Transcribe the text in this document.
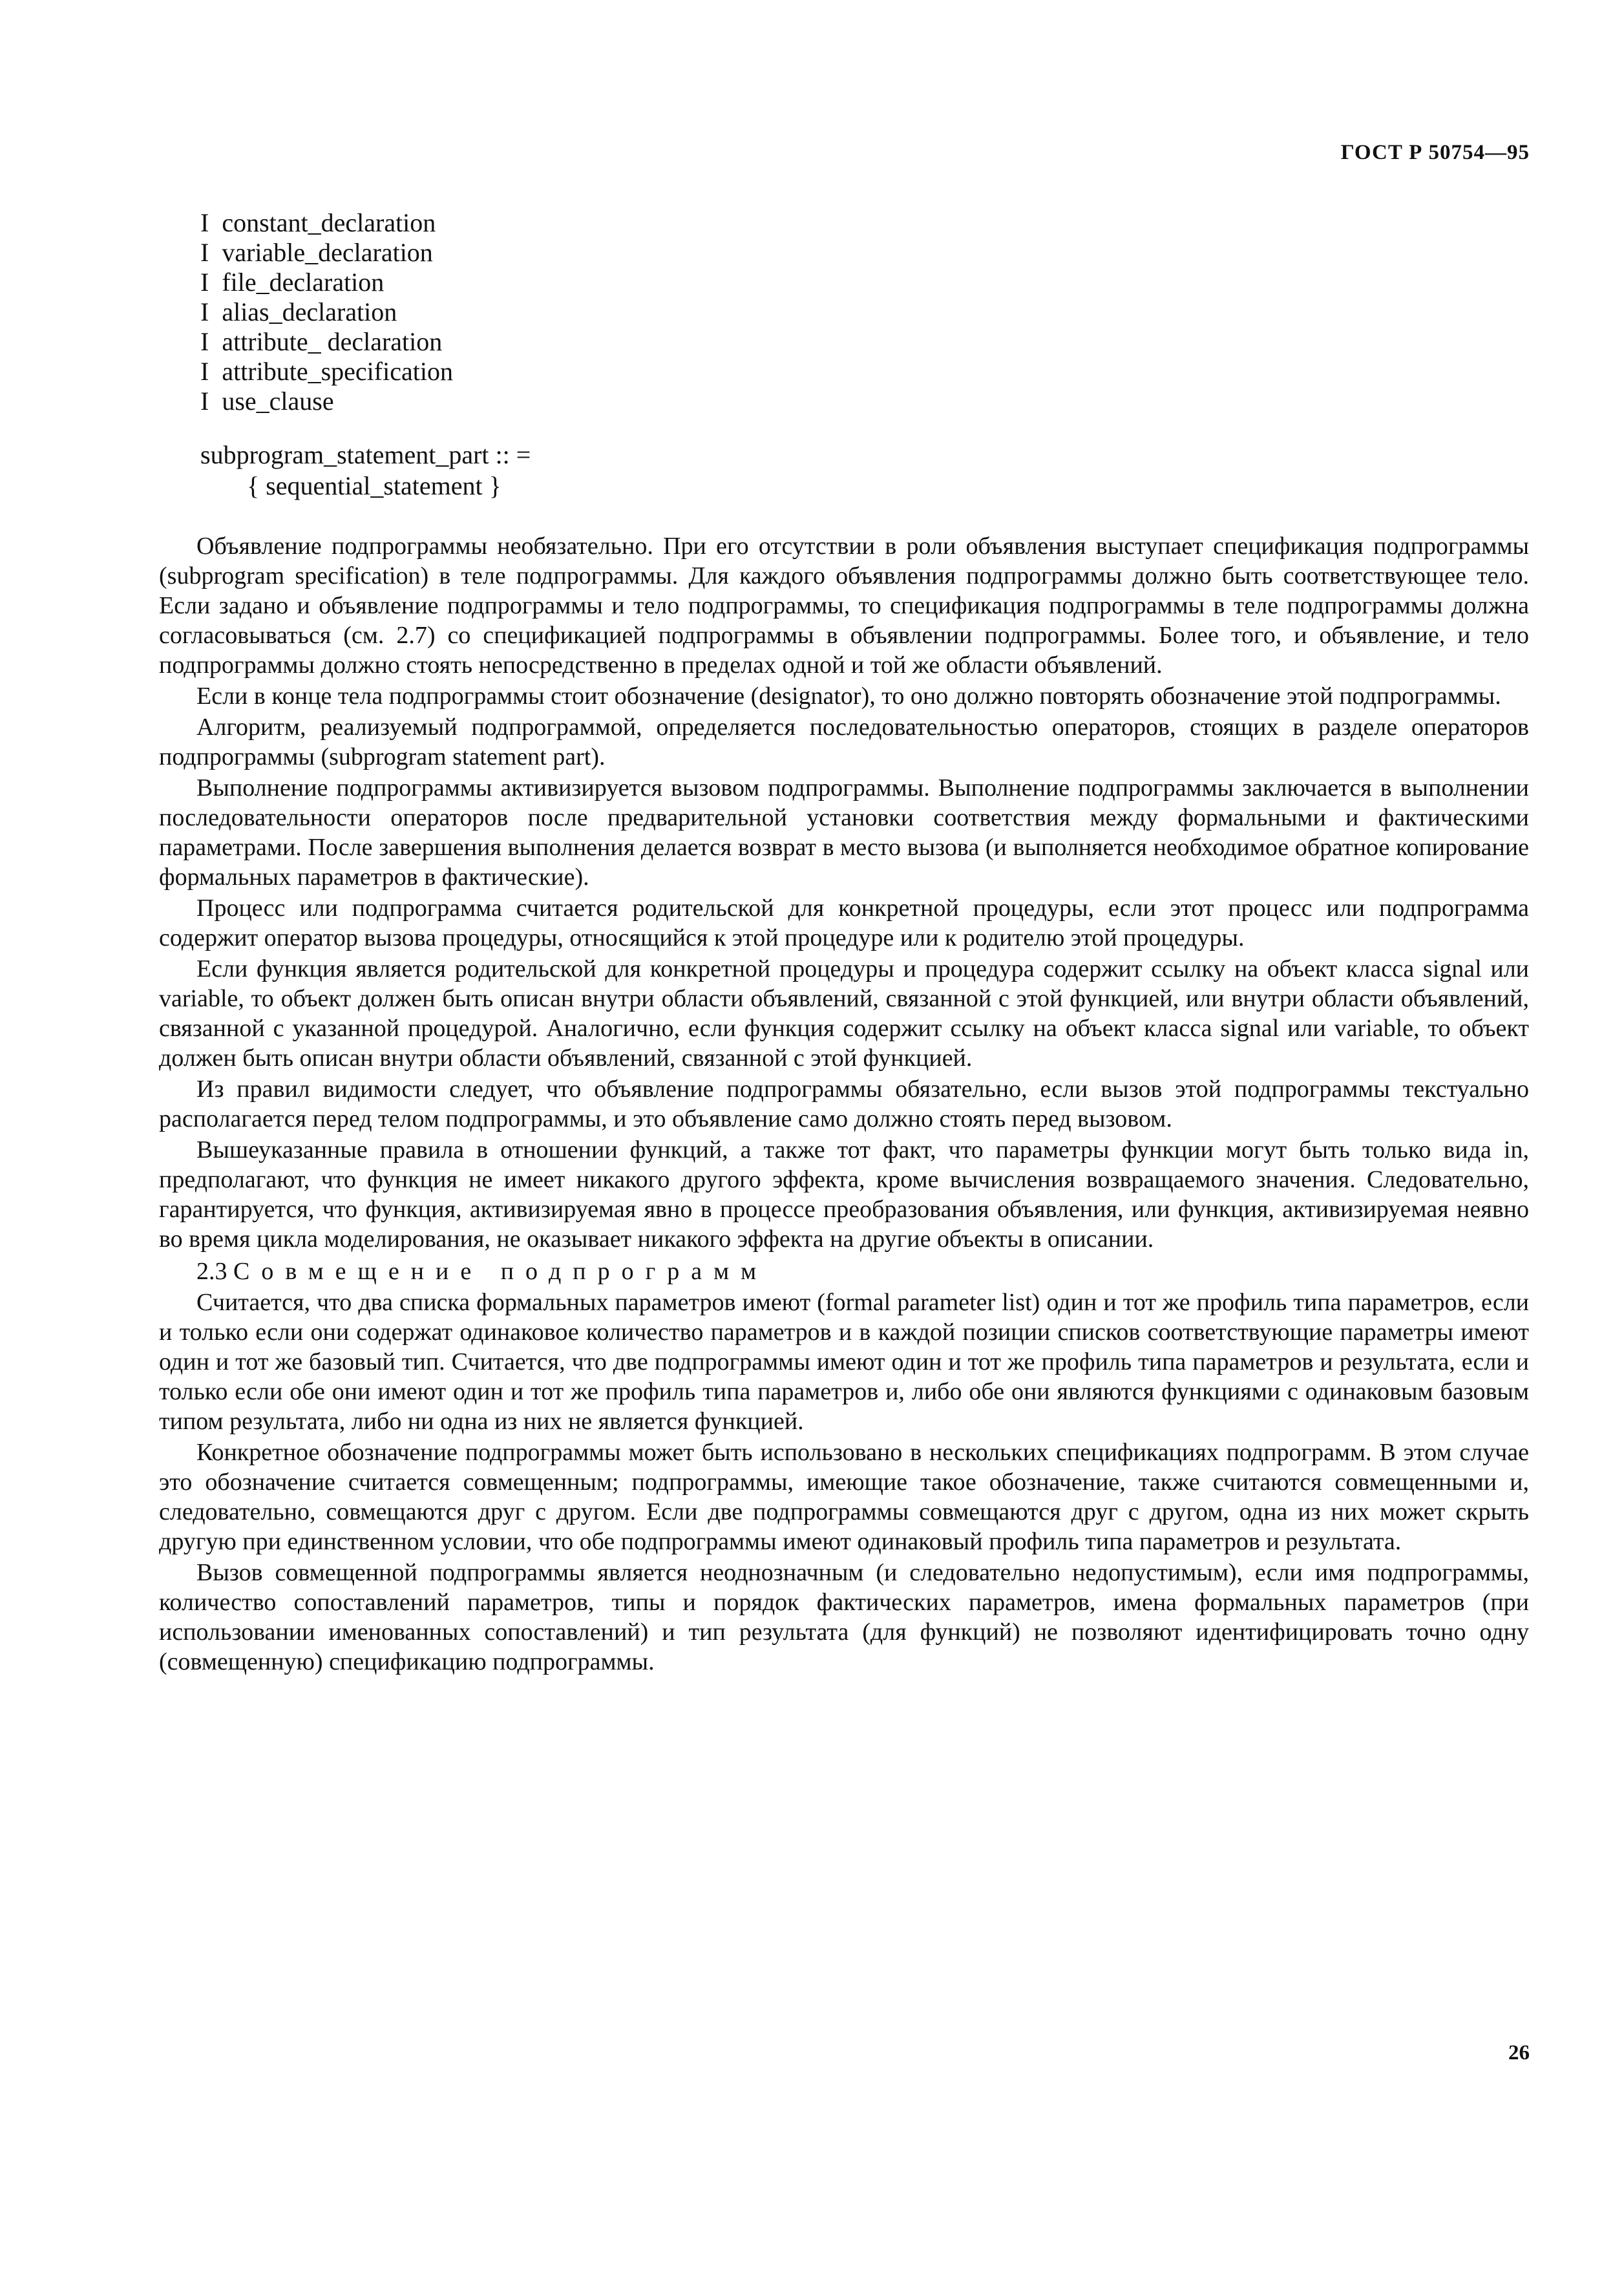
ГОСТ Р 50754—95
I  constant_declaration
I  variable_declaration
I  file_declaration
I  alias_declaration
I  attribute_ declaration
I  attribute_specification
I  use_clause
subprogram_statement_part :: =
{ sequential_statement }

Объявление подпрограммы необязательно. При его отсутствии в роли объявления выступает спецификация подпрограммы (subprogram specification) в теле подпрограммы. Для каждого объявления подпрограммы должно быть соответствующее тело. Если задано и объявление подпрограммы и тело подпрограммы, то спецификация подпрограммы в теле подпрограммы должна согласовываться (см. 2.7) со спецификацией подпрограммы в объявлении подпрограммы. Более того, и объявление, и тело подпрограммы должно стоять непосредственно в пределах одной и той же области объявлений.

Если в конце тела подпрограммы стоит обозначение (designator), то оно должно повторять обозначение этой подпрограммы.

Алгоритм, реализуемый подпрограммой, определяется последовательностью операторов, стоящих в разделе операторов подпрограммы (subprogram statement part).

Выполнение подпрограммы активизируется вызовом подпрограммы. Выполнение подпрограммы заключается в выполнении последовательности операторов после предварительной установки соответствия между формальными и фактическими параметрами. После завершения выполнения делается возврат в место вызова (и выполняется необходимое обратное копирование формальных параметров в фактические).

Процесс или подпрограмма считается родительской для конкретной процедуры, если этот процесс или подпрограмма содержит оператор вызова процедуры, относящийся к этой процедуре или к родителю этой процедуры.

Если функция является родительской для конкретной процедуры и процедура содержит ссылку на объект класса signal или variable, то объект должен быть описан внутри области объявлений, связанной с этой функцией, или внутри области объявлений, связанной с указанной процедурой. Аналогично, если функция содержит ссылку на объект класса signal или variable, то объект должен быть описан внутри области объявлений, связанной с этой функцией.

Из правил видимости следует, что объявление подпрограммы обязательно, если вызов этой подпрограммы текстуально располагается перед телом подпрограммы, и это объявление само должно стоять перед вызовом.

Вышеуказанные правила в отношении функций, а также тот факт, что параметры функции могут быть только вида in, предполагают, что функция не имеет никакого другого эффекта, кроме вычисления возвращаемого значения. Следовательно, гарантируется, что функция, активизируемая явно в процессе преобразования объявления, или функция, активизируемая неявно во время цикла моделирования, не оказывает никакого эффекта на другие объекты в описании.

2.3 Совмещение подпрограмм

Считается, что два списка формальных параметров имеют (formal parameter list) один и тот же профиль типа параметров, если и только если они содержат одинаковое количество параметров и в каждой позиции списков соответствующие параметры имеют один и тот же базовый тип. Считается, что две подпрограммы имеют один и тот же профиль типа параметров и результата, если и только если обе они имеют один и тот же профиль типа параметров и, либо обе они являются функциями с одинаковым базовым типом результата, либо ни одна из них не является функцией.

Конкретное обозначение подпрограммы может быть использовано в нескольких спецификациях подпрограмм. В этом случае это обозначение считается совмещенным; подпрограммы, имеющие такое обозначение, также считаются совмещенными и, следовательно, совмещаются друг с другом. Если две подпрограммы совмещаются друг с другом, одна из них может скрыть другую при единственном условии, что обе подпрограммы имеют одинаковый профиль типа параметров и результата.

Вызов совмещенной подпрограммы является неоднозначным (и следовательно недопустимым), если имя подпрограммы, количество сопоставлений параметров, типы и порядок фактических параметров, имена формальных параметров (при использовании именованных сопоставлений) и тип результата (для функций) не позволяют идентифицировать точно одну (совмещенную) спецификацию подпрограммы.

26
